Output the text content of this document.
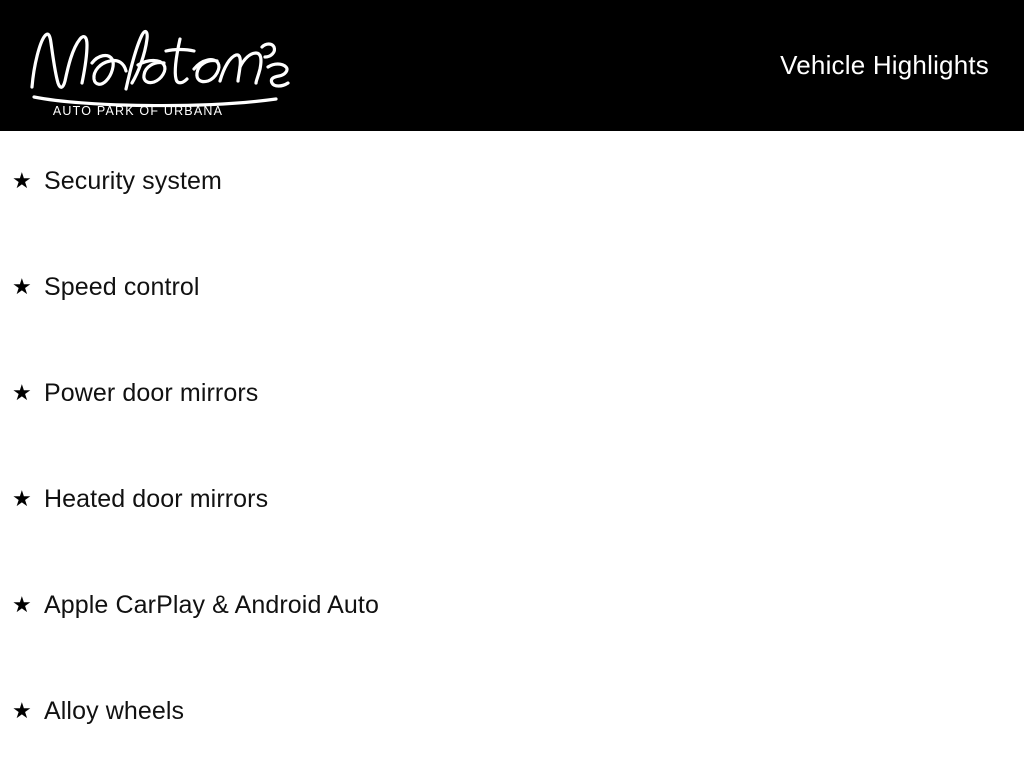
AUTO PARK OF URBANA
Vehicle Highlights
★ Security system
★ Speed control
★ Power door mirrors
★ Heated door mirrors
★ Apple CarPlay & Android Auto
★ Alloy wheels
